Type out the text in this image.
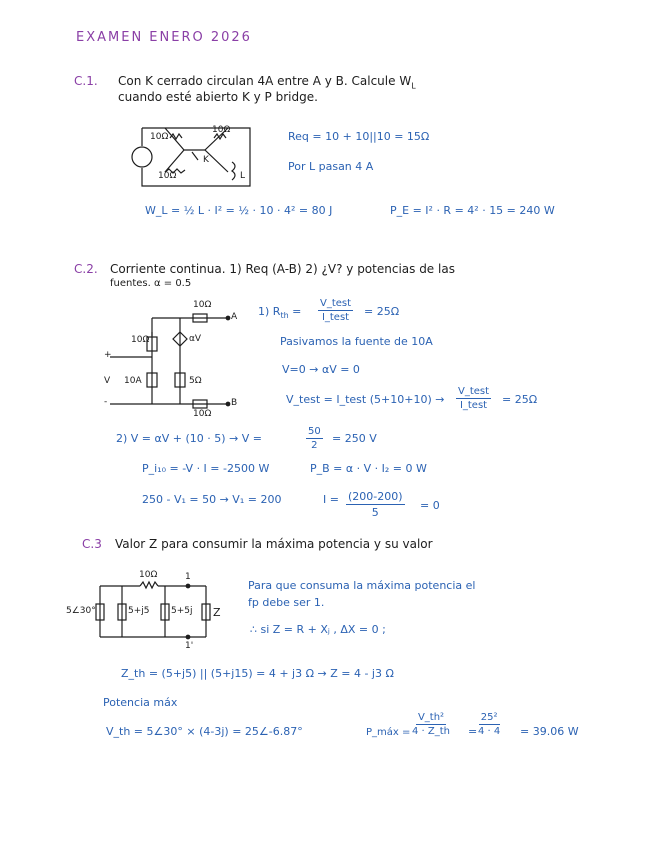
EXAMEN ENERO 2026
C.1. Con K cerrado circulan 4A entre A y B. Calcule $W_L$
cuando esté abierto K y P bridge.
10Ω
10Ω
10Ω
K
L
Req = 10 + 10||10 = 15Ω
Por L pasan 4 A
W_L = ½ L · I² = ½ · 10 · 4² = 80 J	P_E = I² · R = 4² · 15 = 240 W
C.2. Corriente continua. 1) Req (A-B) 2) ¿V? y potencias de las
fuentes. α = 0.5
10Ω
A
10Ω	αV
+
V 10A	5Ω
-
10Ω
B
1) $R_{th}$ =
V_test
I_test = 25Ω
Pasivamos la fuente de 10A
V=0 → αV = 0
V_test = I_test (5+10+10) →
V_test
I_test = 25Ω
2) V = αV + (10 · 5) → V =	$\frac{50}{2} = 250$ V
P_i₁₀ = -V · I = -2500 W	P_B = α · V · I₂ = 0 W
250 - V₁ = 50 → V₁ = 200	$I = \frac{(200-200)}{5} = 0$
C.3 Valor Z para consumir la máxima potencia y su valor
10Ω	1
5∠30°	5+j5 5+5j Z
1'
Para que consuma la máxima potencia el
fp debe ser 1.
∴ si Z = R + Xⱼ , ΔX = 0 ;
Z_th = (5+j5) || (5+j15) = 4 + j3 Ω → Z = 4 - j3 Ω
Potencia máx
V_th = 5∠30° × (4-3j) = 25∠-6.87°	P_máx = $\frac{\text{V\_th²}}{4 \cdot Z\_th} = \frac{\text{25²}}{4 \cdot 4} = 39.06$ W
